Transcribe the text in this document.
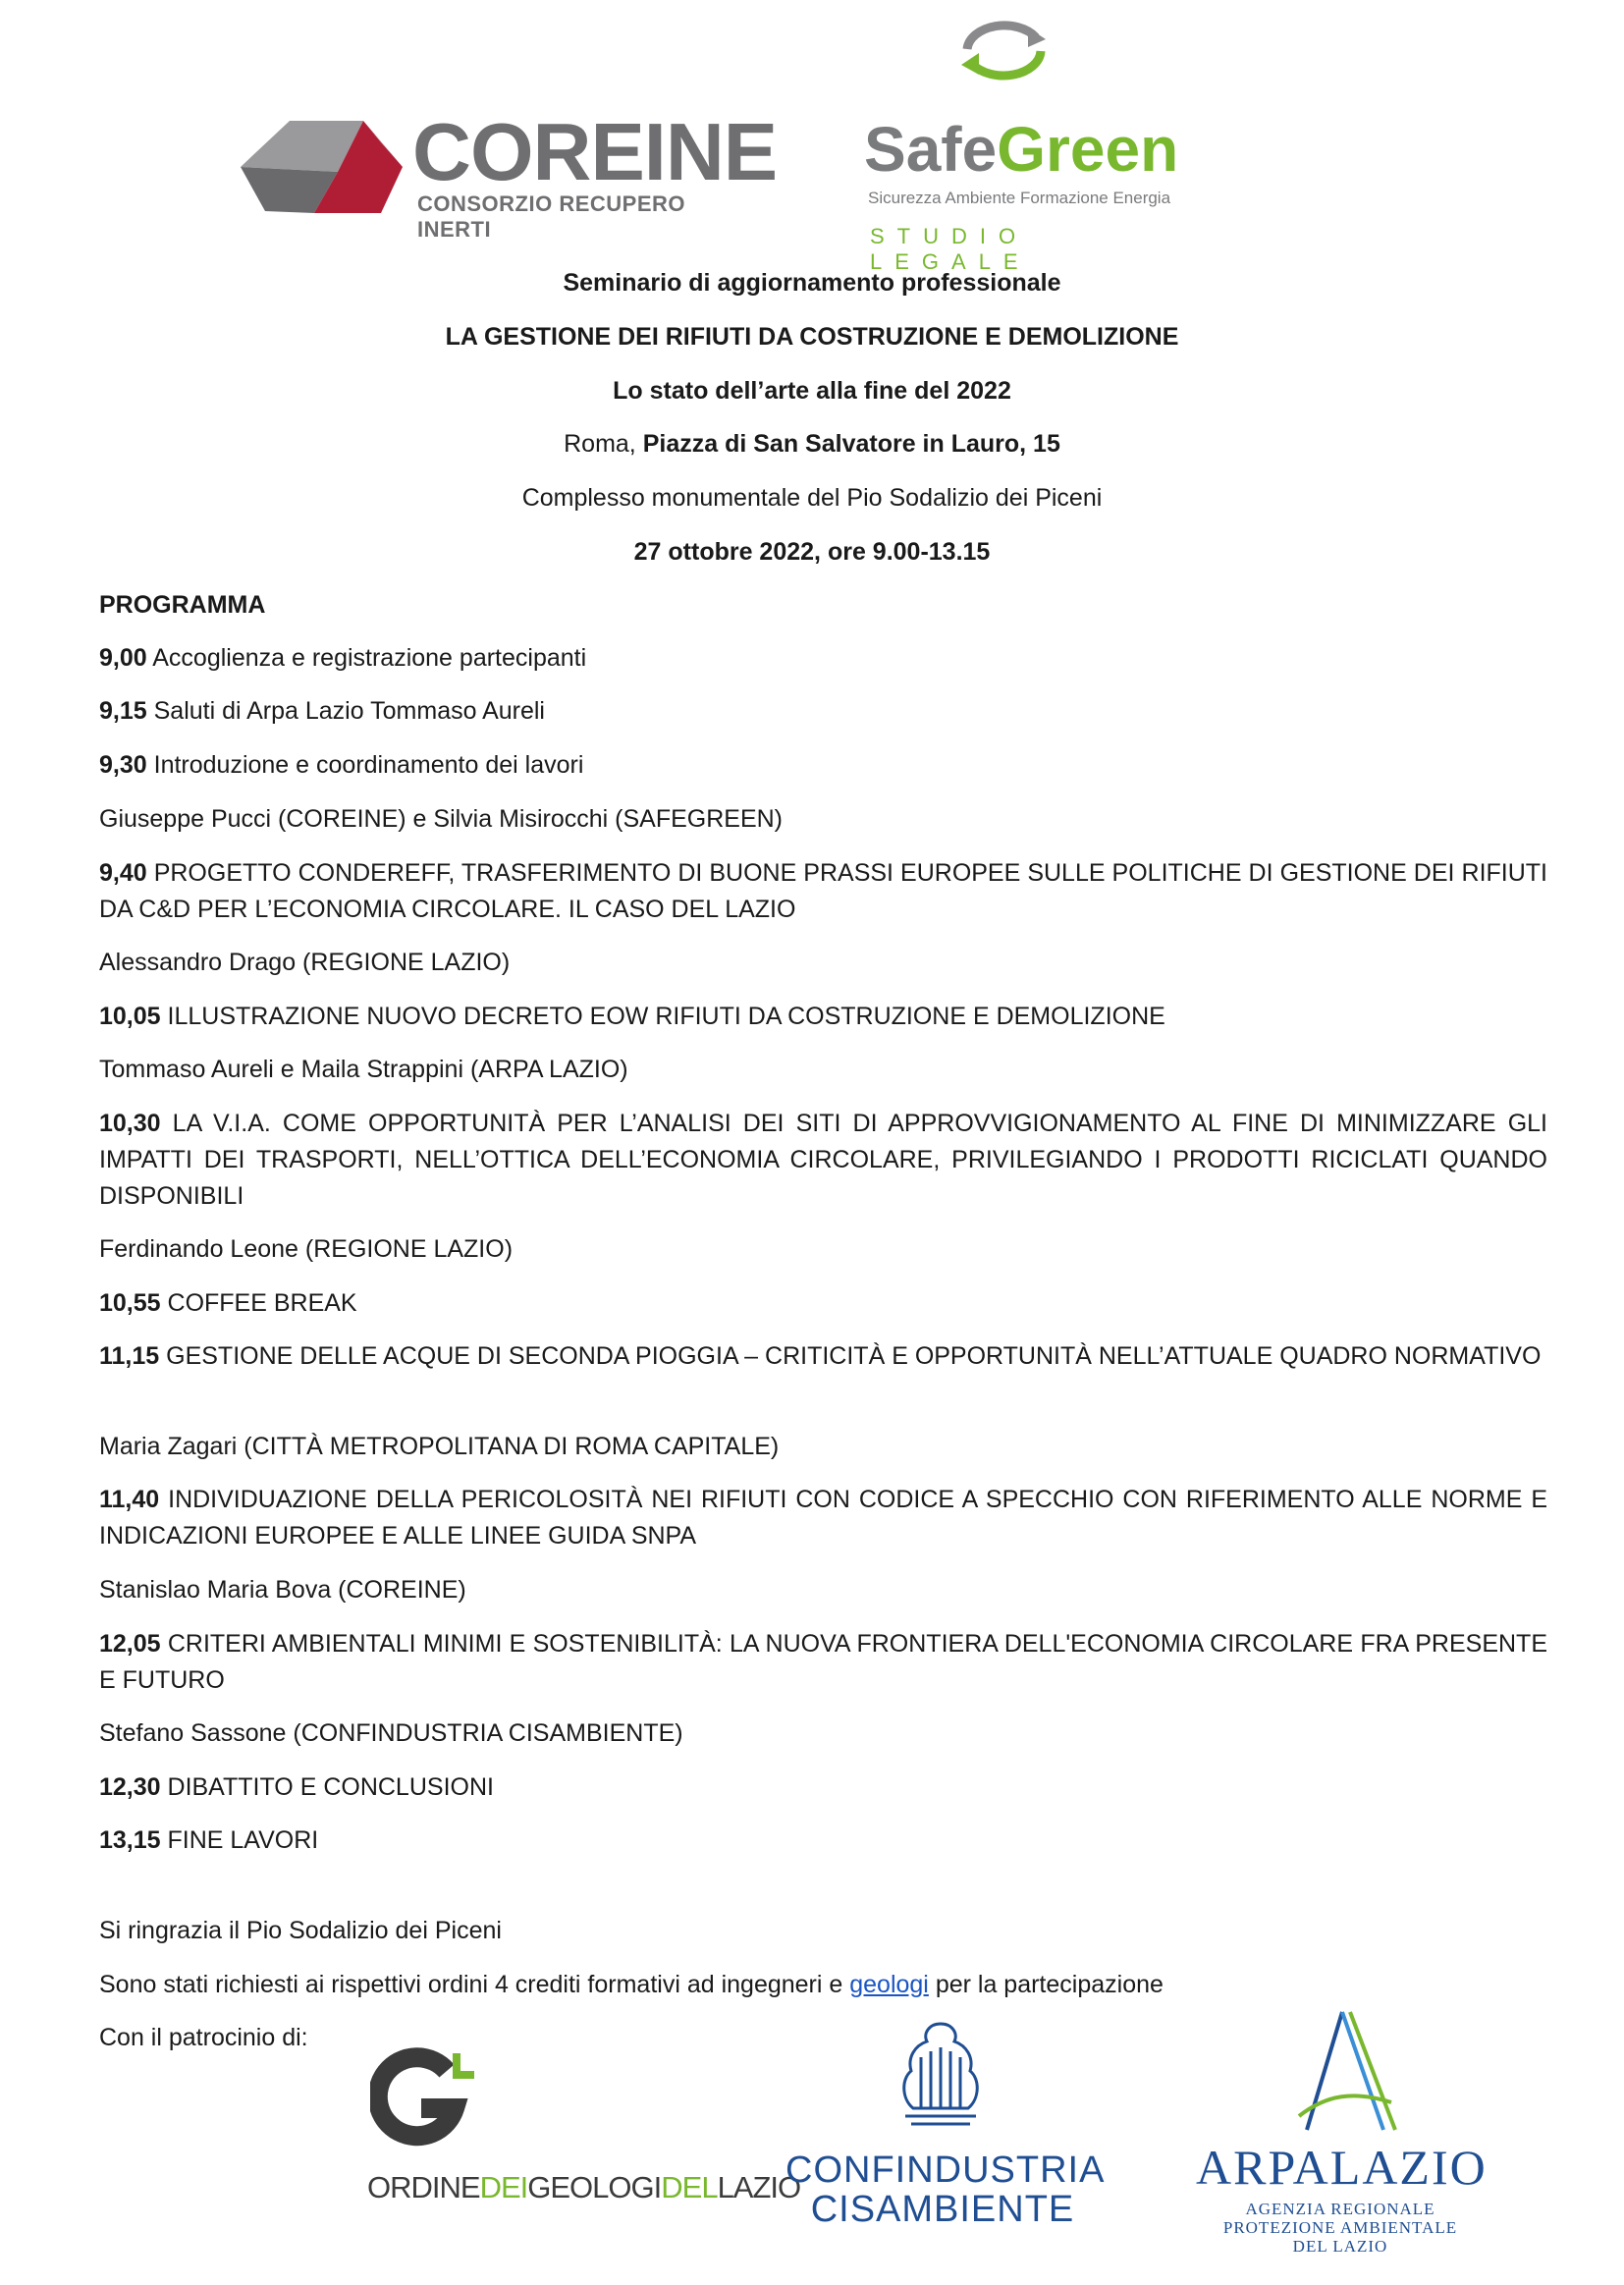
COREINE
CONSORZIO RECUPERO INERTI
SafeGreen
Sicurezza Ambiente Formazione Energia
STUDIO LEGALE
Seminario di aggiornamento professionale
LA GESTIONE DEI RIFIUTI DA COSTRUZIONE E DEMOLIZIONE
Lo stato dell’arte alla fine del 2022
Roma, Piazza di San Salvatore in Lauro, 15
Complesso monumentale del Pio Sodalizio dei Piceni
27 ottobre 2022, ore 9.00-13.15
PROGRAMMA
9,00 Accoglienza e registrazione partecipanti
9,15 Saluti di Arpa Lazio Tommaso Aureli
9,30 Introduzione e coordinamento dei lavori
Giuseppe Pucci (COREINE) e Silvia Misirocchi (SAFEGREEN)
9,40 PROGETTO CONDEREFF, TRASFERIMENTO DI BUONE PRASSI EUROPEE SULLE POLITICHE DI GESTIONE DEI RIFIUTI DA C&D PER L’ECONOMIA CIRCOLARE. IL CASO DEL LAZIO
Alessandro Drago (REGIONE LAZIO)
10,05 ILLUSTRAZIONE NUOVO DECRETO EOW RIFIUTI DA COSTRUZIONE E DEMOLIZIONE
Tommaso Aureli e Maila Strappini (ARPA LAZIO)
10,30 LA V.I.A. COME OPPORTUNITÀ PER L’ANALISI DEI SITI DI APPROVVIGIONAMENTO AL FINE DI MINIMIZZARE GLI IMPATTI DEI TRASPORTI, NELL’OTTICA DELL’ECONOMIA CIRCOLARE, PRIVILEGIANDO I PRODOTTI RICICLATI QUANDO DISPONIBILI
Ferdinando Leone (REGIONE LAZIO)
10,55 COFFEE BREAK
11,15 GESTIONE DELLE ACQUE DI SECONDA PIOGGIA – CRITICITÀ E OPPORTUNITÀ NELL’ATTUALE QUADRO NORMATIVO
Maria Zagari (CITTÀ METROPOLITANA DI ROMA CAPITALE)
11,40 INDIVIDUAZIONE DELLA PERICOLOSITÀ NEI RIFIUTI CON CODICE A SPECCHIO CON RIFERIMENTO ALLE NORME E INDICAZIONI EUROPEE E ALLE LINEE GUIDA SNPA
Stanislao Maria Bova (COREINE)
12,05 CRITERI AMBIENTALI MINIMI E SOSTENIBILITÀ: LA NUOVA FRONTIERA DELL'ECONOMIA CIRCOLARE FRA PRESENTE E FUTURO
Stefano Sassone (CONFINDUSTRIA CISAMBIENTE)
12,30 DIBATTITO E CONCLUSIONI
13,15 FINE LAVORI
Si ringrazia il Pio Sodalizio dei Piceni
Sono stati richiesti ai rispettivi ordini 4 crediti formativi ad ingegneri e geologi per la partecipazione
Con il patrocinio di:
ORDINEDEIGEOLOGIDELLAZIO
CONFINDUSTRIA
CISAMBIENTE
ARPALAZIO
AGENZIA REGIONALE
PROTEZIONE AMBIENTALE
DEL LAZIO
